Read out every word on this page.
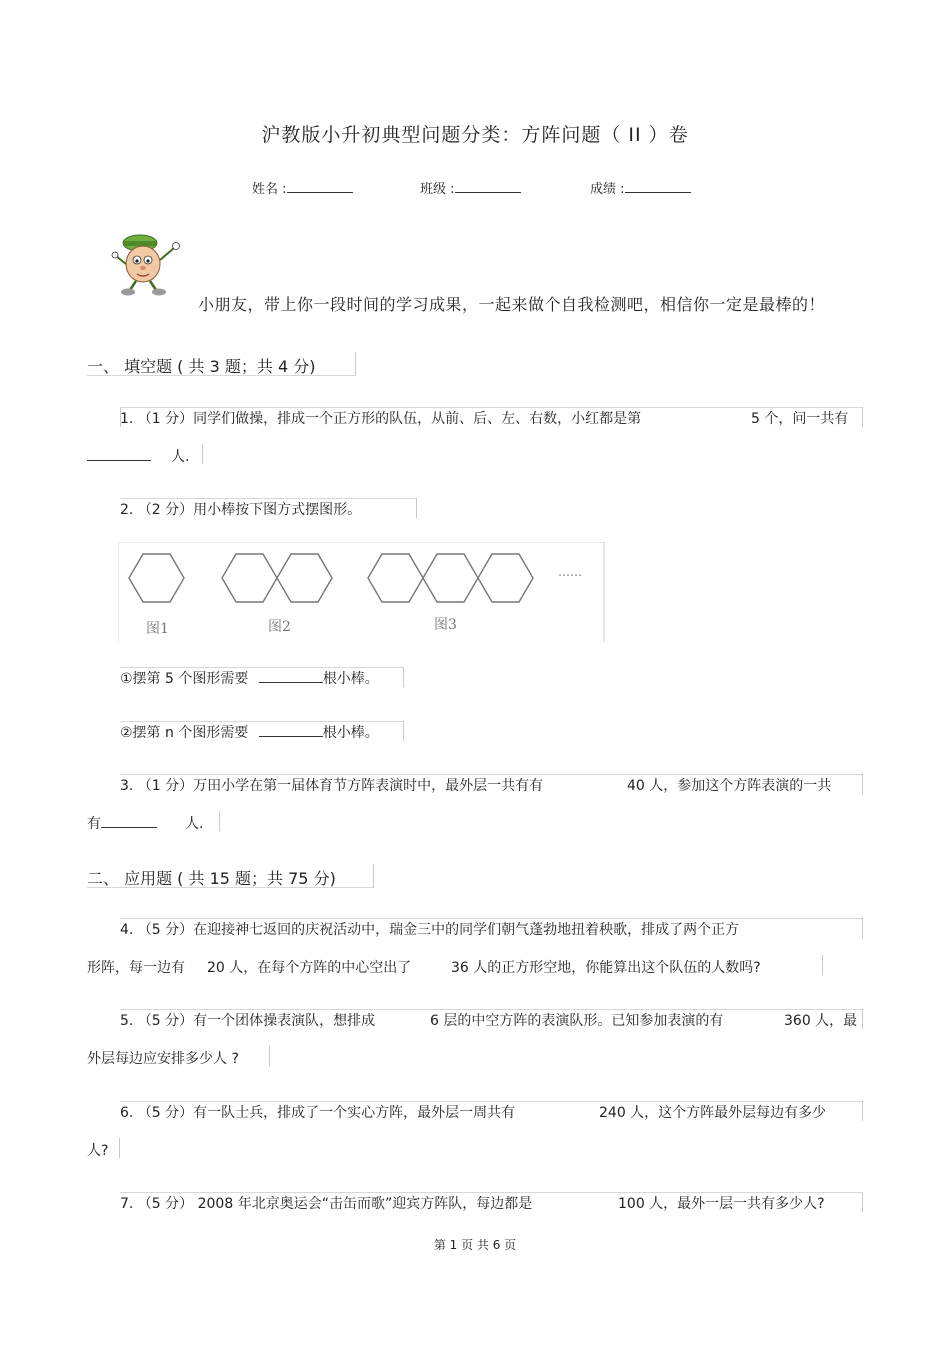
沪教版小升初典型问题分类：方阵问题（ II ）卷
姓名 :	班级 :	成绩 :
小朋友，带上你一段时间的学习成果，一起来做个自我检测吧，相信你一定是最棒的！
一、 填空题 ( 共 3 题；共 4 分)
1. （1 分）同学们做操，排成一个正方形的队伍，从前、后、左、右数，小红都是第	5 个，问一共有
人.
2. （2 分）用小棒按下图方式摆图形。
图1	图2	图3
……
①摆第 5 个图形需要	根小棒。
②摆第 n 个图形需要	根小棒。
3. （1 分）万田小学在第一届体育节方阵表演时中，最外层一共有有	40 人，参加这个方阵表演的一共
有	人.
二、 应用题 ( 共 15 题；共 75 分)
4. （5 分）在迎接神七返回的庆祝活动中，瑞金三中的同学们朝气蓬勃地扭着秧歌，排成了两个正方
形阵，每一边有 20 人，在每个方阵的中心空出了	36 人的正方形空地，你能算出这个队伍的人数吗?
5. （5 分）有一个团体操表演队，想排成	6 层的中空方阵的表演队形。已知参加表演的有	360 人，最
外层每边应安排多少人 ?
6. （5 分）有一队士兵，排成了一个实心方阵，最外层一周共有	240 人，这个方阵最外层每边有多少
人?
7. （5 分） 2008 年北京奥运会“击缶而歌”迎宾方阵队，每边都是	100 人，最外一层一共有多少人?
第 1 页 共 6 页
